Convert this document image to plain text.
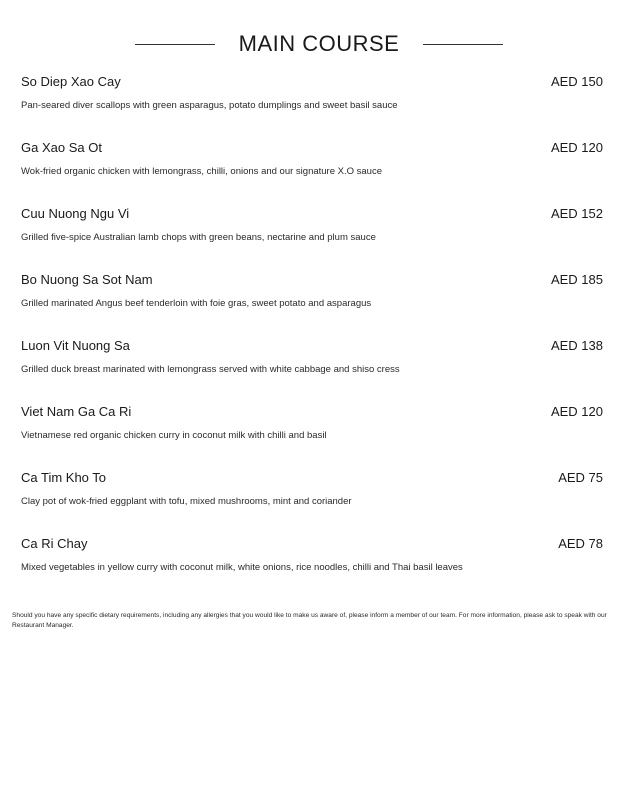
MAIN COURSE
So Diep Xao Cay	AED 150
Pan-seared diver scallops with green asparagus, potato dumplings and sweet basil sauce
Ga Xao Sa Ot	AED 120
Wok-fried organic chicken with lemongrass, chilli, onions and our signature X.O sauce
Cuu Nuong Ngu Vi	AED 152
Grilled five-spice Australian lamb chops with green beans, nectarine and plum sauce
Bo Nuong Sa Sot Nam	AED 185
Grilled marinated Angus beef tenderloin with foie gras, sweet potato and asparagus
Luon Vit Nuong Sa	AED 138
Grilled duck breast marinated with lemongrass served with white cabbage and shiso cress
Viet Nam Ga Ca Ri	AED 120
Vietnamese red organic chicken curry in coconut milk with chilli and basil
Ca Tim Kho To	AED 75
Clay pot of wok-fried eggplant with tofu, mixed mushrooms, mint and coriander
Ca Ri Chay	AED 78
Mixed vegetables in yellow curry with coconut milk, white onions, rice noodles, chilli and Thai basil leaves

Should you have any specific dietary requirements, including any allergies that you would like to make us aware of, please inform a member of our team. For more information, please ask to speak with our Restaurant Manager.
